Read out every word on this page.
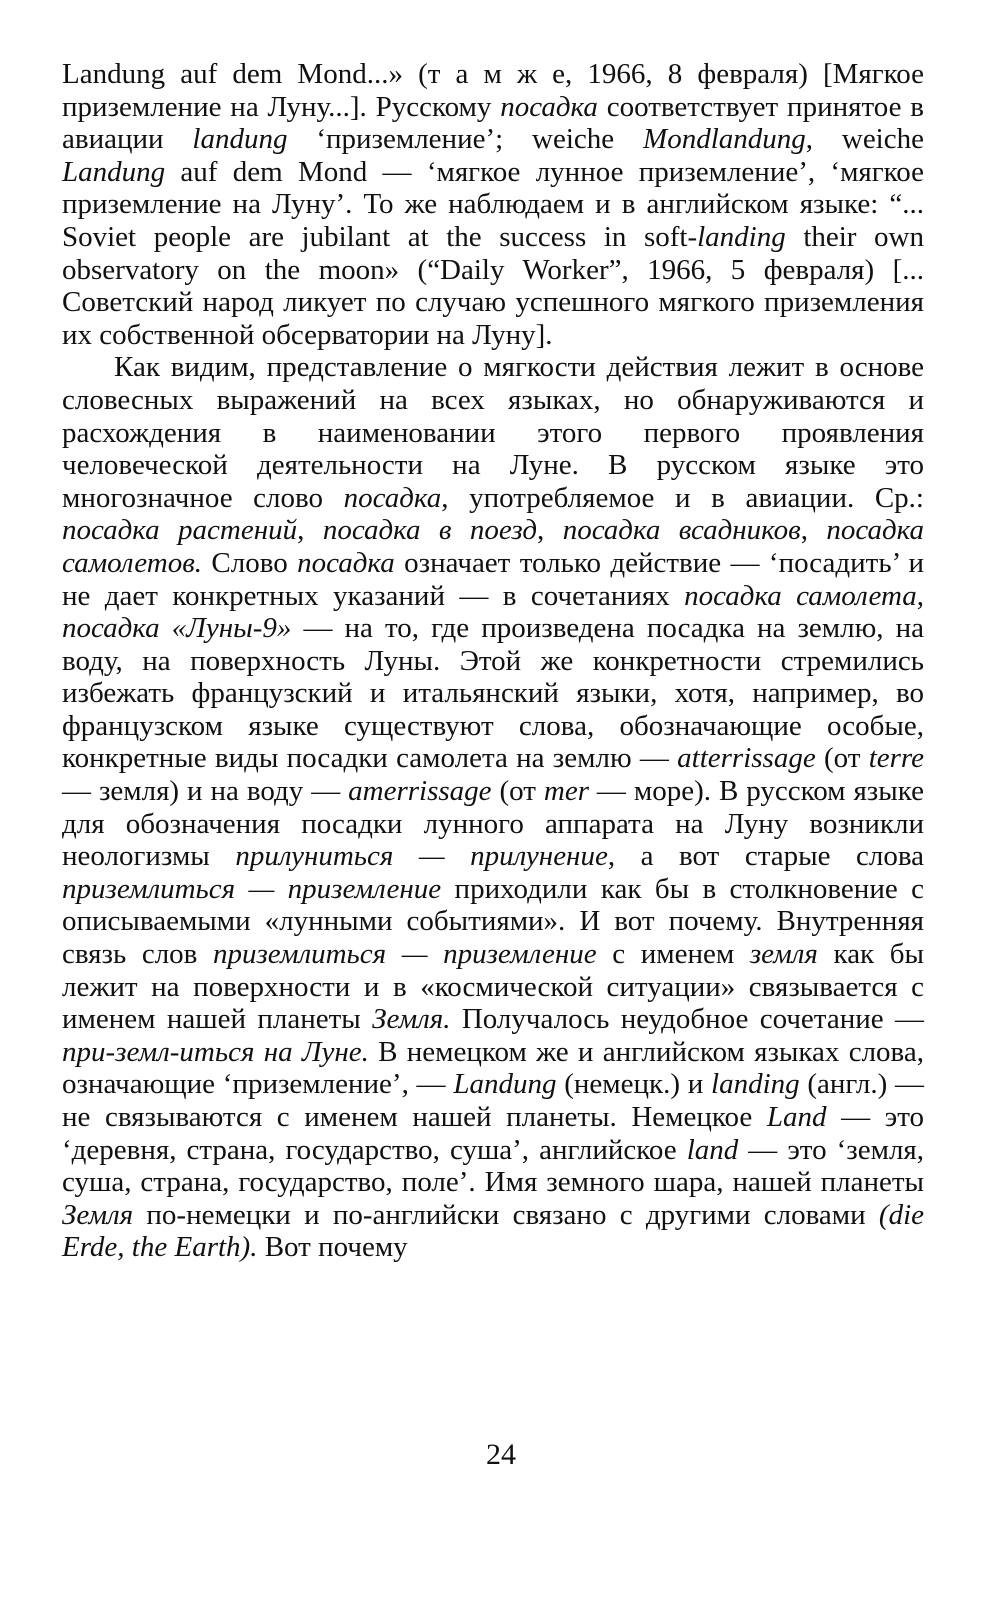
Landung auf dem Mond...» (т а м ж е, 1966, 8 февраля) [Мягкое приземление на Луну...]. Русскому посадка соответствует принятое в авиации landung ‘приземление’; weiche Mondlandung, weiche Landung auf dem Mond — ‘мягкое лунное приземление’, ‘мягкое приземление на Луну’. То же наблюдаем и в английском языке: “... Soviet people are jubilant at the success in soft-landing their own observatory on the moon» (“Daily Worker”, 1966, 5 февраля) [... Советский народ ликует по случаю успешного мягкого приземления их собственной обсерватории на Луну].
Как видим, представление о мягкости действия лежит в основе словесных выражений на всех языках, но обнаруживаются и расхождения в наименовании этого первого проявления человеческой деятельности на Луне. В русском языке это многозначное слово посадка, употребляемое и в авиации. Ср.: посадка растений, посадка в поезд, посадка всадников, посадка самолетов. Слово посадка означает только действие — ‘посадить’ и не дает конкретных указаний — в сочетаниях посадка самолета, посадка «Луны-9» — на то, где произведена посадка на землю, на воду, на поверхность Луны. Этой же конкретности стремились избежать французский и итальянский языки, хотя, например, во французском языке существуют слова, обозначающие особые, конкретные виды посадки самолета на землю — atterrissage (от terre — земля) и на воду — amerrissage (от mer — море). В русском языке для обозначения посадки лунного аппарата на Луну возникли неологизмы прилуниться — прилунение, а вот старые слова приземлиться — приземление приходили как бы в столкновение с описываемыми «лунными событиями». И вот почему. Внутренняя связь слов приземлиться — приземление с именем земля как бы лежит на поверхности и в «космической ситуации» связывается с именем нашей планеты Земля. Получалось неудобное сочетание — при-земл-иться на Луне. В немецком же и английском языках слова, означающие ‘приземление’, — Landung (немецк.) и landing (англ.) — не связываются с именем нашей планеты. Немецкое Land — это ‘деревня, страна, государство, суша’, английское land — это ‘земля, суша, страна, государство, поле’. Имя земного шара, нашей планеты Земля по-немецки и по-английски связано с другими словами (die Erde, the Earth). Вот почему
24
